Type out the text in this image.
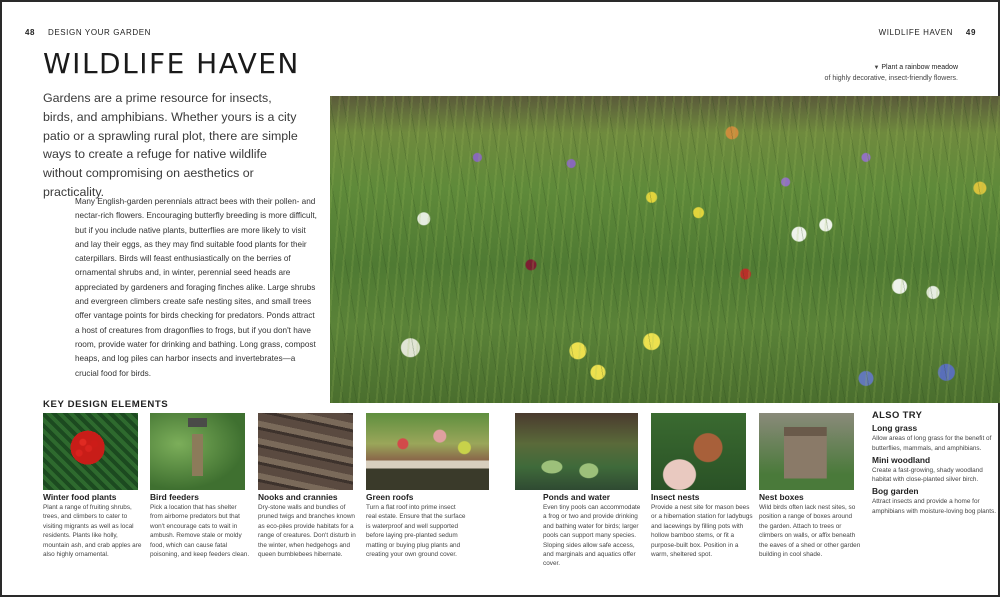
48 DESIGN YOUR GARDEN	WILDLIFE HAVEN 49
WILDLIFE HAVEN

Gardens are a prime resource for insects, birds, and amphibians. Whether yours is a city patio or a sprawling rural plot, there are simple ways to create a refuge for native wildlife without compromising on aesthetics or practicality.

Many English-garden perennials attract bees with their pollen- and nectar-rich flowers. Encouraging butterfly breeding is more difficult, but if you include native plants, butterflies are more likely to visit and lay their eggs, as they may find suitable food plants for their caterpillars. Birds will feast enthusiastically on the berries of ornamental shrubs and, in winter, perennial seed heads are appreciated by gardeners and foraging finches alike. Large shrubs and evergreen climbers create safe nesting sites, and small trees offer vantage points for birds checking for predators. Ponds attract a host of creatures from dragonflies to frogs, but if you don't have room, provide water for drinking and bathing. Long grass, compost heaps, and log piles can harbor insects and invertebrates—a crucial food for birds.

▼ Plant a rainbow meadow
of highly decorative, insect-friendly flowers.
KEY DESIGN ELEMENTS
Winter food plants
Plant a range of fruiting shrubs, trees, and climbers to cater to visiting migrants as well as local residents. Plants like holly, mountain ash, and crab apples are also highly ornamental.
Bird feeders
Pick a location that has shelter from airborne predators but that won't encourage cats to wait in ambush. Remove stale or moldy food, which can cause fatal poisoning, and keep feeders clean.
Nooks and crannies
Dry-stone walls and bundles of pruned twigs and branches known as eco-piles provide habitats for a range of creatures. Don't disturb in the winter, when hedgehogs and queen bumblebees hibernate.
Green roofs
Turn a flat roof into prime insect real estate. Ensure that the surface is waterproof and well supported before laying pre-planted sedum matting or buying plug plants and creating your own ground cover.
Ponds and water
Even tiny pools can accommodate a frog or two and provide drinking and bathing water for birds; larger pools can support many species. Sloping sides allow safe access, and marginals and aquatics offer cover.
Insect nests
Provide a nest site for mason bees or a hibernation station for ladybugs and lacewings by filling pots with hollow bamboo stems, or fit a purpose-built box. Position in a warm, sheltered spot.
Nest boxes
Wild birds often lack nest sites, so position a range of boxes around the garden. Attach to trees or climbers on walls, or affix beneath the eaves of a shed or other garden building in cool shade.
ALSO TRY
Long grass
Allow areas of long grass for the benefit of butterflies, mammals, and amphibians.
Mini woodland
Create a fast-growing, shady woodland habitat with close-planted silver birch.
Bog garden
Attract insects and provide a home for amphibians with moisture-loving bog plants.
